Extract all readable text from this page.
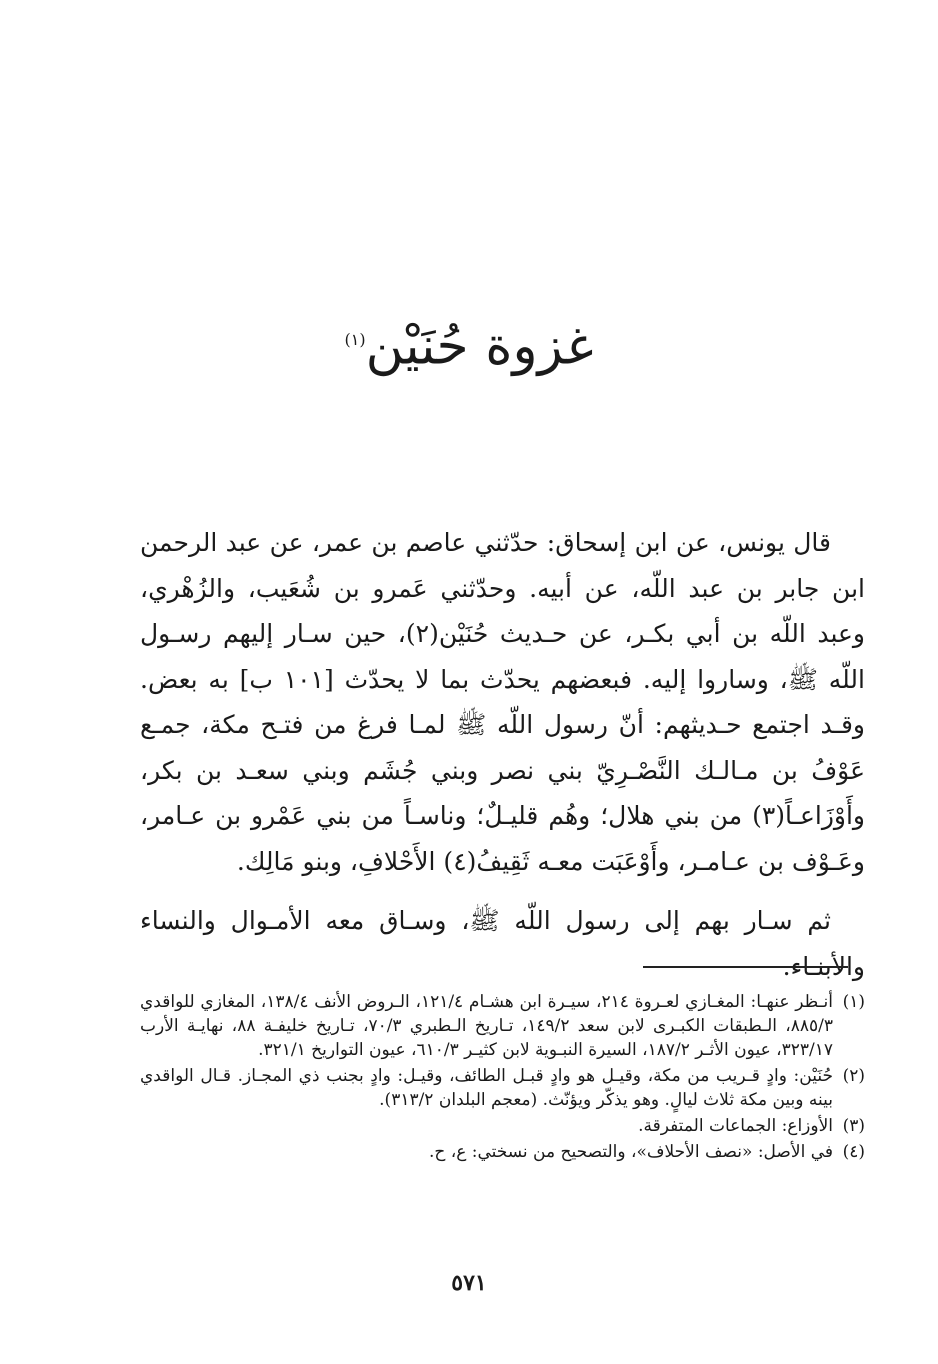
غزوة حُنَيْن$^{(١)}$

قال يونس، عن ابن إسحاق: حدّثني عاصم بن عمر، عن عبد الرحمن ابن جابر بن عبد اللّه، عن أبيه. وحدّثني عَمرو بن شُعَيب، والزُهْري، وعبد اللّه بن أبي بكـر، عن حـديث حُنَيْن(٢)، حين سـار إليهم رسـول اللّه ﷺ، وساروا إليه. فبعضهم يحدّث بما لا يحدّث [١٠١ ب] به بعض. وقـد اجتمع حـديثهم: أنّ رسول اللّه ﷺ لمـا فرغ من فتـح مكة، جمـع عَوْفُ بن مـالـك النَّصْـرِيّ بني نصر وبني جُشَم وبني سعـد بن بكر، وأَوْزَاعـاً(٣) من بني هلال؛ وهُم قليـلٌ؛ وناسـاً من بني عَمْرو بن عـامر، وعَـوْف بن عـامـر، وأَوْعَبَت معـه ثَقِيفُ(٤) الأَحْلافِ، وبنو مَالِك.

ثم سـار بهم إلى رسول اللّه ﷺ، وسـاق معه الأمـوال والنساء والأبنـاء.

(١)
أنـظر عنهـا: المغـازي لعـروة ٢١٤، سيـرة ابن هشـام ١٢١/٤، الـروض الأنف ١٣٨/٤، المغازي للواقدي ٨٨٥/٣، الـطبقات الكبـرى لابن سعد ١٤٩/٢، تـاريخ الـطبري ٧٠/٣، تـاريخ خليفـة ٨٨، نهايـة الأرب ٣٢٣/١٧، عيون الأثـر ١٨٧/٢، السيرة النبـوية لابن كثيـر ٦١٠/٣، عيون التواريخ ٣٢١/١.
(٢)
حُنَيْن: وادٍ قـريب من مكة، وقيـل هو وادٍ قبـل الطائف، وقيـل: وادٍ بجنب ذي المجـاز. قـال الواقدي بينه وبين مكة ثلاث ليالٍ. وهو يذكّر ويؤنّث. (معجم البلدان ٣١٣/٢).
(٣)
الأوزاع: الجماعات المتفرقة.
(٤)
في الأصل: «نصف الأحلاف»، والتصحيح من نسختي: ع، ح.
٥٧١
